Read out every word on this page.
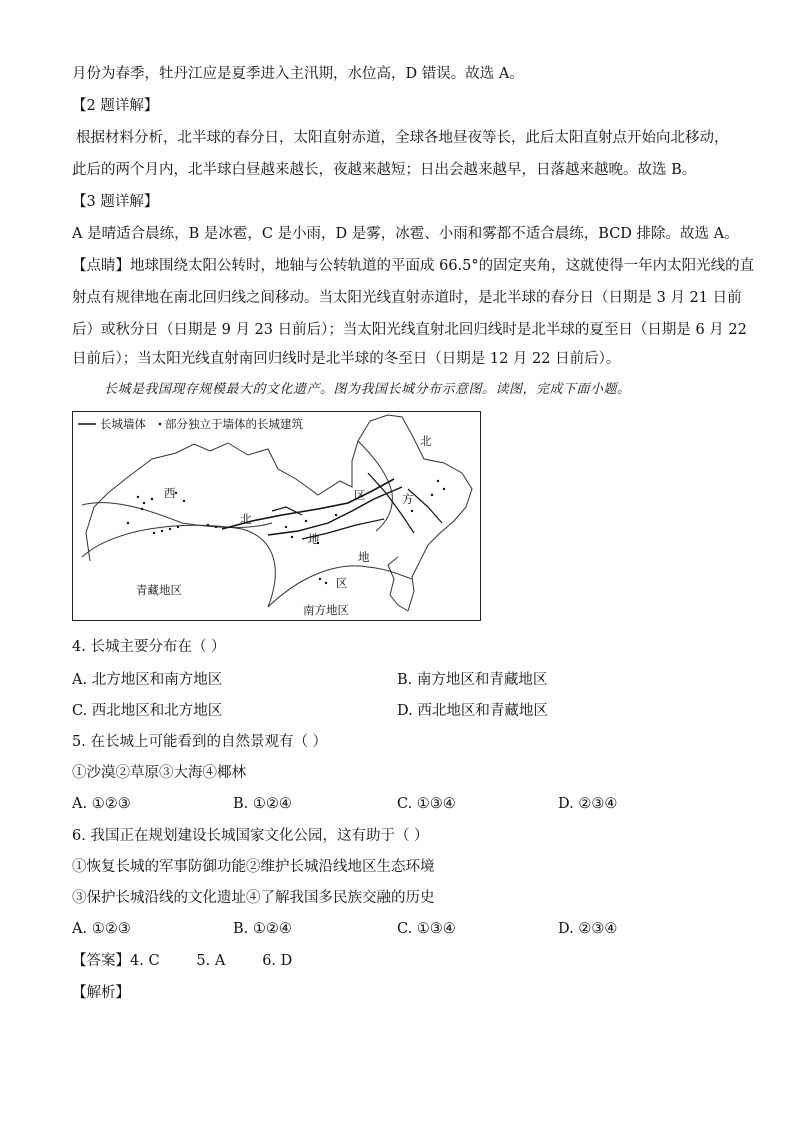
月份为春季，牡丹江应是夏季进入主汛期，水位高，D 错误。故选 A。
【2 题详解】
根据材料分析，北半球的春分日，太阳直射赤道，全球各地昼夜等长，此后太阳直射点开始向北移动，
此后的两个月内，北半球白昼越来越长，夜越来越短；日出会越来越早，日落越来越晚。故选 B。
【3 题详解】
A 是晴适合晨练，B 是冰雹，C 是小雨，D 是雾，冰雹、小雨和雾都不适合晨练，BCD 排除。故选 A。
【点睛】地球围绕太阳公转时，地轴与公转轨道的平面成 66.5°的固定夹角，这就使得一年内太阳光线的直
射点有规律地在南北回归线之间移动。当太阳光线直射赤道时，是北半球的春分日（日期是 3 月 21 日前
后）或秋分日（日期是 9 月 23 日前后）；当太阳光线直射北回归线时是北半球的夏至日（日期是 6 月 22
日前后）；当太阳光线直射南回归线时是北半球的冬至日（日期是 12 月 22 日前后）。
长城是我国现存规模最大的文化遗产。图为我国长城分布示意图。读图，完成下面小题。
长城墙体 部分独立于墙体的长城建筑
西
北
地
区
北
方
地
区
青藏地区
南方地区
4. 长城主要分布在（ ）
A. 北方地区和南方地区	B. 南方地区和青藏地区
C. 西北地区和北方地区	D. 西北地区和青藏地区
5. 在长城上可能看到的自然景观有（ ）
①沙漠②草原③大海④椰林
A. ①②③	B. ①②④	C. ①③④	D. ②③④
6. 我国正在规划建设长城国家文化公园，这有助于（ ）
①恢复长城的军事防御功能②维护长城沿线地区生态环境
③保护长城沿线的文化遗址④了解我国多民族交融的历史
A. ①②③	B. ①②④	C. ①③④	D. ②③④
【答案】4. C        5. A        6. D
【解析】
